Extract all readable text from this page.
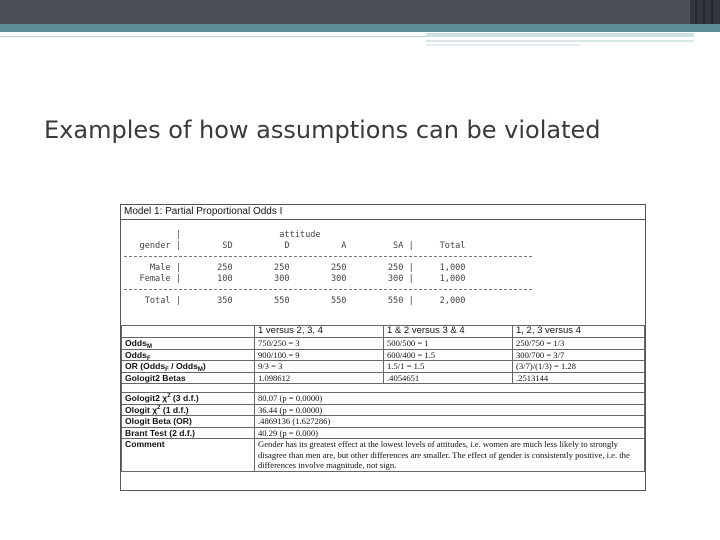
Examples of how assumptions can be violated
Model 1: Partial Proportional Odds I
|                   attitude
gender |        SD          D          A         SA |     Total
Male |       250        250        250        250 |     1,000
Female |       100        300        300        300 |     1,000
Total |       350        550        550        550 |     2,000
	1 versus 2, 3, 4	1 & 2 versus 3 & 4	1, 2, 3 versus 4
Odds$_M$	750/250 = 3	500/500 = 1	250/750 = 1/3
Odds$_F$	900/100 = 9	600/400 = 1.5	300/700 = 3/7
OR (Odds$_F$ / Odds$_M$)	9/3 = 3	1.5/1 = 1.5	(3/7)/(1/3) = 1.28
Gologit2 Betas	1.098612	.4054651	.2513144

Gologit2 $\chi^2$ (3 d.f.)	80.07 (p = 0.0000)		
Ologit $\chi^2$ (1 d.f.)	36.44 (p = 0.0000)		
Ologit Beta (OR)	.4869136 (1.627286)		
Brant Test (2 d.f.)	40.29 (p = 0.000)		
Comment	Gender has its greatest effect at the lowest levels of attitudes, i.e. women are much less likely to strongly disagree than men are, but other differences are smaller. The effect of gender is consistently positive, i.e. the differences involve magnitude, not sign.		
